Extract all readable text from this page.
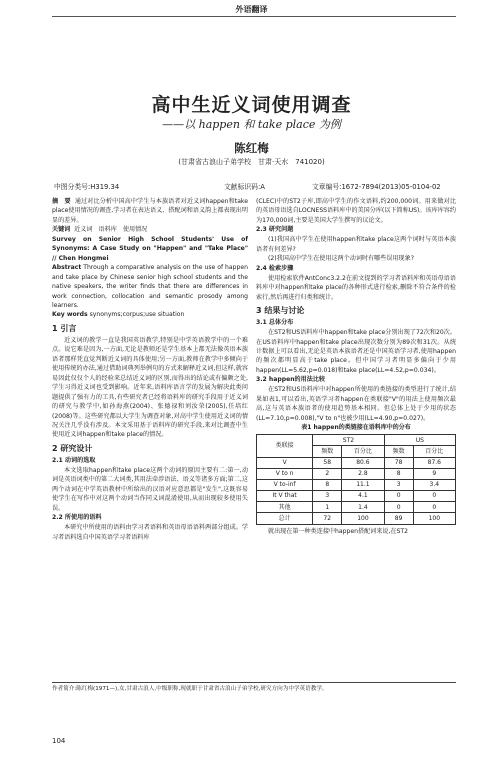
外语翻译
高中生近义词使用调查
——以 happen 和 take place 为例
陈红梅
(甘肃省古浪山子弟学校　甘肃·天水　741020)
中图分类号:H319.34	文献标识码:A	文章编号:1672-7894(2013)05-0104-02

摘　要 通过对比分析中国高中学生与本族语者对近义词happen和take place使用情况的调查,学习者在表达语义、搭配词和语义韵上都表现出明显的差异。

关键词 近义词　语料库　使用情况

Survey on Senior High School Students' Use of Synonyms: A Case Study on "Happen" and "Take Place" // Chen Hongmei

Abstract Through a comparative analysis on the use of happen and take place by Chinese senior high school students and the native speakers, the writer finds that there are differences in work connection, collocation and semantic prosody among learners.

Key words synonyms;corpus;use situation

1 引言

近义词的教学一直是我国英语教学,特别是中学英语教学中的一个难点。说它难是因为,一方面,无论是教师还是学生基本上都无法像英语本族语者那样凭直觉判断近义词的具体使用;另一方面,教师在教学中多倾向于使用传统的办法,通过借助词典列举例句的方式来解释近义词,但这样,就容易因此仅仅个人的经验来总结近义词的区别,而得出的结论或有偏颇之处,学生习得近义词也受到影响。近年来,语料库语言学的发展为解决此类问题提供了强有力的工具,有些研究者已经将语料库的研究手段用于近义词的研究与教学中,如孙海燕(2004)、张德禄和刘汝荣(2005),任培红(2008)等。这些研究都以大学生为调查对象,对高中学生使用近义词的情况关注几乎没有涉及。本文采用基于语料库的研究手段,来对比调查中生使用近义词happen和take place的情况。

2 研究设计
2.1 动词的选取

本文选取happen和take place这两个动词的原因主要有二:第一,动词是英语词类中的第二大词类,其用法牵涉语法、语义等诸多方面;第二,这两个动词在中学英语教材中所给出的汉语对应意思都是"发生",这既容易使学生在写作中对这两个动词当作同义词混淆使用,从而出现较多使用失误。

2.2 所使用的语料

本研究中所使用的语料由学习者语料和英语母语语料两部分组成。学习者语料选自中国英语学习者语料库

(CLEC)中的ST2子库,即高中学生的作文语料,约200,000词。用来做对比的英语母语选自LOCNESS语料库中的美国分库(以下简称US)。该库库容约为170,000词,主要是美国大学生撰写的议论文。

2.3 研究问题

(1)我国高中学生在使用happen和take place这两个词时与英语本族语者有何差异?

(2)我国高中学生在使用这两个动词时有哪些误用现象?

2.4 检索步骤

使用检索软件AntConc3.2.2在前文提到的学习者语料库和英语母语语料库中对happen和take place的各种形式进行检索,删除不符合条件的检索行,然后再进行归类和统计。

3 结果与讨论
3.1 总体分布

在ST2和US语料库中happen和take place分别出现了72次和20次。在US语料库中happen和take place出现次数分别为89次和31次。从统计数据上可以看出,无论是英语本族语者还是中国英语学习者,使用happen的频次都明显高于take place。但中国学习者明显多偏向于少用happen(LL=5.62,p=0.018)和take place(LL=4.52,p=0.034)。

3.2 happen的用法比较

在ST2和US语料库中对happen所使用的类链接的类型进行了统计,结果如表1,可以看出,英语学习者happen在类联接"V"的用法上使用频次最高,这与英语本族语者的使用趋势基本相同。但总体上处于少用的状态(LL=7.10,p=0.008),"V to n"也被少用(LL=4.90,p=0.027)。

表1 happen的类链接在语料库中的分布
类联接	ST2		US	
	频数	百分比	频数	百分比
V	58	80.6	78	87.6
V to n	2	2.8	8	9
V to-inf	8	11.1	3	3.4
It V that	3	4.1	0	0
其他	1	1.4	0	0
总计	72	100	89	100

就出现在第一种类连接中happen搭配词来说,在ST2

作者简介:陈红梅(1971—),女,甘肃古浪人,中级职称,现就职于甘肃省古浪山子弟学校,研究方向为中学英语教学。
104
